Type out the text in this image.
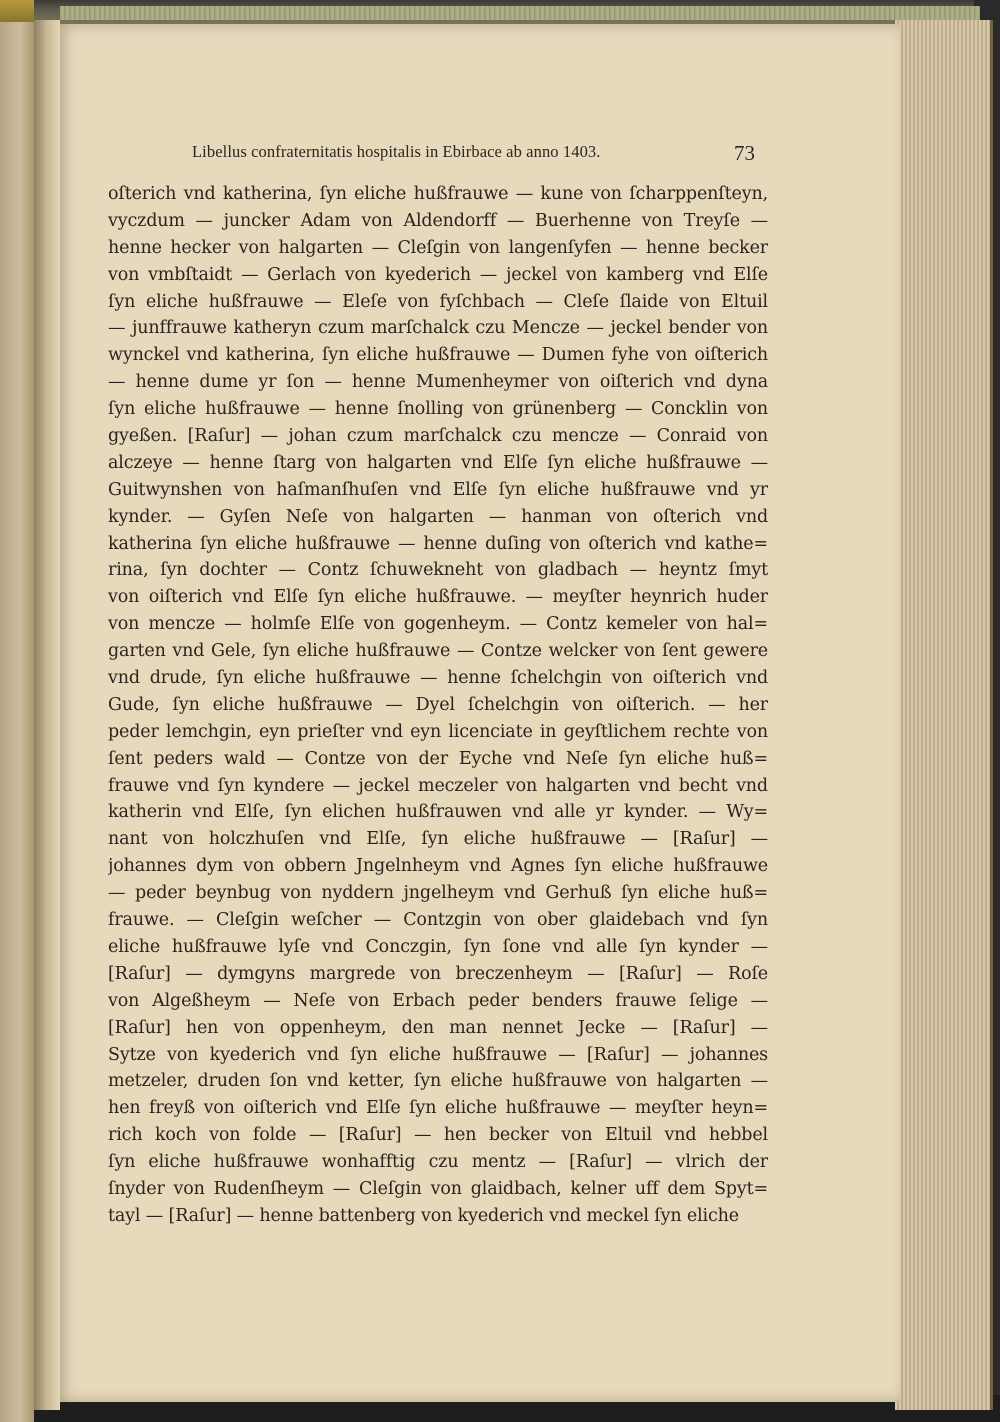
Libellus confraternitatis hospitalis in Ebirbace ab anno 1403.	73
oſterich vnd katherina, ſyn eliche hußfrauwe — kune von ſcharppenſteyn,
vyczdum — juncker Adam von Aldendorff — Buerhenne von Treyſe —
henne hecker von halgarten — Cleſgin von langenſyfen — henne becker
von vmbſtaidt — Gerlach von kyederich — jeckel von kamberg vnd Elſe
ſyn eliche hußfrauwe — Eleſe von fyſchbach — Cleſe ſlaide von Eltuil
— junffrauwe katheryn czum marſchalck czu Mencze — jeckel bender von
wynckel vnd katherina, ſyn eliche hußfrauwe — Dumen fyhe von oiſterich
— henne dume yr ſon — henne Mumenheymer von oiſterich vnd dyna
ſyn eliche hußfrauwe — henne ſnolling von grünenberg — Concklin von
gyeßen. [Raſur] — johan czum marſchalck czu mencze — Conraid von
alczeye — henne ſtarg von halgarten vnd Elſe ſyn eliche hußfrauwe —
Guitwynshen von haſmanſhuſen vnd Elſe ſyn eliche hußfrauwe vnd yr
kynder. — Gyſen Neſe von halgarten — hanman von oſterich vnd
katherina ſyn eliche hußfrauwe — henne duſing von oſterich vnd kathe=
rina, ſyn dochter — Contz ſchuwekneht von gladbach — heyntz ſmyt
von oiſterich vnd Elſe ſyn eliche hußfrauwe. — meyſter heynrich huder
von mencze — holmſe Elſe von gogenheym. — Contz kemeler von hal=
garten vnd Gele, ſyn eliche hußfrauwe — Contze welcker von ſent gewere
vnd drude, ſyn eliche hußfrauwe — henne ſchelchgin von oiſterich vnd
Gude, ſyn eliche hußfrauwe — Dyel ſchelchgin von oiſterich. — her
peder lemchgin, eyn prieſter vnd eyn licenciate in geyſtlichem rechte von
ſent peders wald — Contze von der Eyche vnd Neſe ſyn eliche huß=
frauwe vnd ſyn kyndere — jeckel meczeler von halgarten vnd becht vnd
katherin vnd Elſe, ſyn elichen hußfrauwen vnd alle yr kynder. — Wy=
nant von holczhuſen vnd Elſe, ſyn eliche hußfrauwe — [Raſur] —
johannes dym von obbern Jngelnheym vnd Agnes ſyn eliche hußfrauwe
— peder beynbug von nyddern jngelheym vnd Gerhuß ſyn eliche huß=
frauwe. — Cleſgin weſcher — Contzgin von ober glaidebach vnd ſyn
eliche hußfrauwe lyſe vnd Conczgin, ſyn ſone vnd alle ſyn kynder —
[Raſur] — dymgyns margrede von breczenheym — [Raſur] — Roſe
von Algeßheym — Neſe von Erbach peder benders frauwe ſelige —
[Raſur] hen von oppenheym, den man nennet Jecke — [Raſur] —
Sytze von kyederich vnd ſyn eliche hußfrauwe — [Raſur] — johannes
metzeler, druden ſon vnd ketter, ſyn eliche hußfrauwe von halgarten —
hen freyß von oiſterich vnd Elſe ſyn eliche hußfrauwe — meyſter heyn=
rich koch von folde — [Raſur] — hen becker von Eltuil vnd hebbel
ſyn eliche hußfrauwe wonhafftig czu mentz — [Raſur] — vlrich der
ſnyder von Rudenſheym — Cleſgin von glaidbach, kelner uff dem Spyt=
tayl — [Raſur] — henne battenberg von kyederich vnd meckel ſyn eliche
